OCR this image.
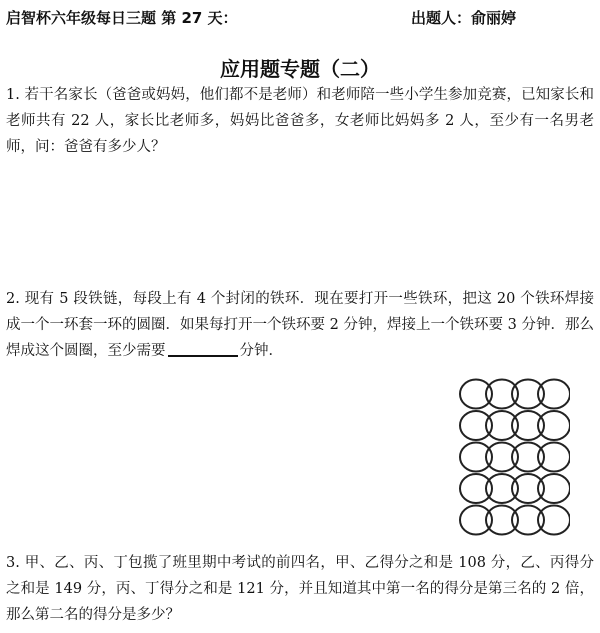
启智杯六年级每日三题 第 27 天：	出题人：俞丽婷
应用题专题（二）
1. 若干名家长（爸爸或妈妈，他们都不是老师）和老师陪一些小学生参加竞赛，已知家长和老师共有 22 人，家长比老师多，妈妈比爸爸多，女老师比妈妈多 2 人，至少有一名男老师，问：爸爸有多少人？
2. 现有 5 段铁链，每段上有 4 个封闭的铁环．现在要打开一些铁环，把这 20 个铁环焊接成一个一环套一环的圆圈．如果每打开一个铁环要 2 分钟，焊接上一个铁环要 3 分钟．那么焊成这个圆圈，至少需要	分钟．
3. 甲、乙、丙、丁包揽了班里期中考试的前四名，甲、乙得分之和是 108 分，乙、丙得分之和是 149 分，丙、丁得分之和是 121 分，并且知道其中第一名的得分是第三名的 2 倍，那么第二名的得分是多少？
